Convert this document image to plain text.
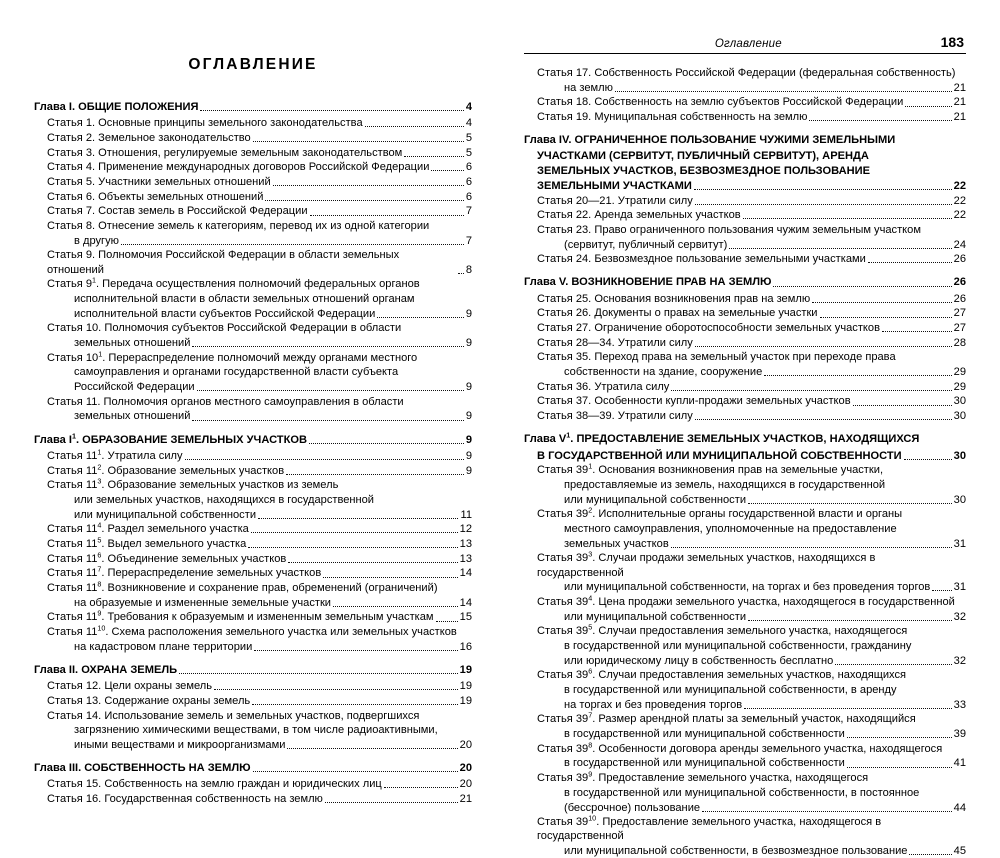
ОГЛАВЛЕНИЕ
Глава I. ОБЩИЕ ПОЛОЖЕНИЯ	4
Статья 1. Основные принципы земельного законодательства	4
Статья 2. Земельное законодательство	5
Статья 3. Отношения, регулируемые земельным законодательством	5
Статья 4. Применение международных договоров Российской Федерации	6
Статья 5. Участники земельных отношений	6
Статья 6. Объекты земельных отношений	6
Статья 7. Состав земель в Российской Федерации	7
Статья 8. Отнесение земель к категориям, перевод их из одной категории
в другую	7
Статья 9. Полномочия Российской Федерации в области земельных отношений	8
Статья $9^1$. Передача осуществления полномочий федеральных органов
исполнительной власти в области земельных отношений органам
исполнительной власти субъектов Российской Федерации	9
Статья 10. Полномочия субъектов Российской Федерации в области
земельных отношений	9
Статья $10^1$. Перераспределение полномочий между органами местного
самоуправления и органами государственной власти субъекта
Российской Федерации	9
Статья 11. Полномочия органов местного самоуправления в области
земельных отношений	9
Глава $I^1$. ОБРАЗОВАНИЕ ЗЕМЕЛЬНЫХ УЧАСТКОВ	9
Статья $11^1$. Утратила силу	9
Статья $11^2$. Образование земельных участков	9
Статья $11^3$. Образование земельных участков из земель
или земельных участков, находящихся в государственной
или муниципальной собственности	11
Статья $11^4$. Раздел земельного участка	12
Статья $11^5$. Выдел земельного участка	13
Статья $11^6$. Объединение земельных участков	13
Статья $11^7$. Перераспределение земельных участков	14
Статья $11^8$. Возникновение и сохранение прав, обременений (ограничений)
на образуемые и измененные земельные участки	14
Статья $11^9$. Требования к образуемым и измененным земельным участкам 15
Статья $11^{10}$. Схема расположения земельного участка или земельных участков
на кадастровом плане территории	16
Глава II. ОХРАНА ЗЕМЕЛЬ	19
Статья 12. Цели охраны земель	19
Статья 13. Содержание охраны земель	19
Статья 14. Использование земель и земельных участков, подвергшихся
загрязнению химическими веществами, в том числе радиоактивными,
иными веществами и микроорганизмами	20
Глава III. СОБСТВЕННОСТЬ НА ЗЕМЛЮ	20
Статья 15. Собственность на землю граждан и юридических лиц	20
Статья 16. Государственная собственность на землю	21
Оглавление	183
Статья 17. Собственность Российской Федерации (федеральная собственность)
на землю	21
Статья 18. Собственность на землю субъектов Российской Федерации	21
Статья 19. Муниципальная собственность на землю	21
Глава IV. ОГРАНИЧЕННОЕ ПОЛЬЗОВАНИЕ ЧУЖИМИ ЗЕМЕЛЬНЫМИ
УЧАСТКАМИ (СЕРВИТУТ, ПУБЛИЧНЫЙ СЕРВИТУТ), АРЕНДА
ЗЕМЕЛЬНЫХ УЧАСТКОВ, БЕЗВОЗМЕЗДНОЕ ПОЛЬЗОВАНИЕ
ЗЕМЕЛЬНЫМИ УЧАСТКАМИ	22
Статья 20—21. Утратили силу	22
Статья 22. Аренда земельных участков	22
Статья 23. Право ограниченного пользования чужим земельным участком
(сервитут, публичный сервитут)	24
Статья 24. Безвозмездное пользование земельными участками	26
Глава V. ВОЗНИКНОВЕНИЕ ПРАВ НА ЗЕМЛЮ	26
Статья 25. Основания возникновения прав на землю	26
Статья 26. Документы о правах на земельные участки	27
Статья 27. Ограничение оборотоспособности земельных участков	27
Статья 28—34. Утратили силу	28
Статья 35. Переход права на земельный участок при переходе права
собственности на здание, сооружение	29
Статья 36. Утратила силу	29
Статья 37. Особенности купли-продажи земельных участков	30
Статья 38—39. Утратили силу	30
Глава $V^1$. ПРЕДОСТАВЛЕНИЕ ЗЕМЕЛЬНЫХ УЧАСТКОВ, НАХОДЯЩИХСЯ
В ГОСУДАРСТВЕННОЙ ИЛИ МУНИЦИПАЛЬНОЙ СОБСТВЕННОСТИ	30
Статья $39^1$. Основания возникновения прав на земельные участки,
предоставляемые из земель, находящихся в государственной
или муниципальной собственности	30
Статья $39^2$. Исполнительные органы государственной власти и органы
местного самоуправления, уполномоченные на предоставление
земельных участков	31
Статья $39^3$. Случаи продажи земельных участков, находящихся в государственной
или муниципальной собственности, на торгах и без проведения торгов 31
Статья $39^4$. Цена продажи земельного участка, находящегося в государственной
или муниципальной собственности	32
Статья $39^5$. Случаи предоставления земельного участка, находящегося
в государственной или муниципальной собственности, гражданину
или юридическому лицу в собственность бесплатно	32
Статья $39^6$. Случаи предоставления земельных участков, находящихся
в государственной или муниципальной собственности, в аренду
на торгах и без проведения торгов	33
Статья $39^7$. Размер арендной платы за земельный участок, находящийся
в государственной или муниципальной собственности	39
Статья $39^8$. Особенности договора аренды земельного участка, находящегося
в государственной или муниципальной собственности	41
Статья $39^9$. Предоставление земельного участка, находящегося
в государственной или муниципальной собственности, в постоянное
(бессрочное) пользование	44
Статья $39^{10}$. Предоставление земельного участка, находящегося в государственной
или муниципальной собственности, в безвозмездное пользование	45
